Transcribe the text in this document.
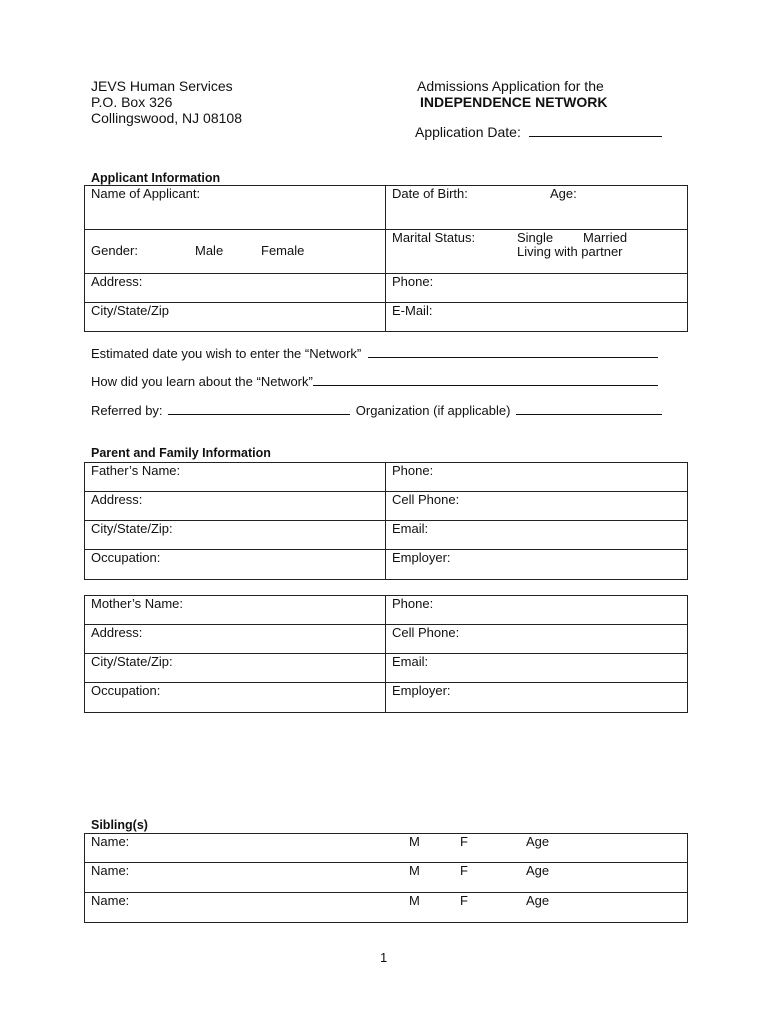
JEVS Human Services
P.O. Box 326
Collingswood, NJ 08108
Admissions Application for the
INDEPENDENCE NETWORK
Application Date:
Applicant Information
Name of Applicant:	Date of Birth: Age:

Gender: Male Female	Marital Status: Single Married
Living with partner

Address:	Phone:
City/State/Zip	E-Mail:
Estimated date you wish to enter the “Network”
How did you learn about the “Network”
Referred by:	Organization (if applicable)
Parent and Family Information
Father’s Name:	Phone:
Address:	Cell Phone:
City/State/Zip:	Email:
Occupation:	Employer:
Mother’s Name:	Phone:
Address:	Cell Phone:
City/State/Zip:	Email:
Occupation:	Employer:
Sibling(s)
Name:	M	F	Age

Name:	M	F	Age

Name:	M	F	Age
1
